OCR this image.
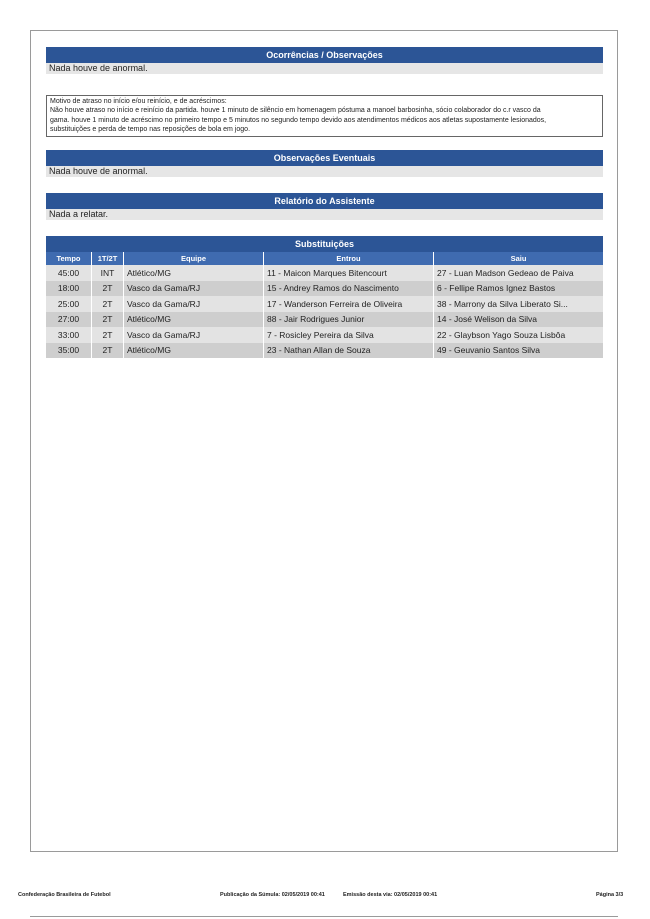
Ocorrências / Observações
Nada houve de anormal.
Motivo de atraso no início e/ou reinício, e de acréscimos:
Não houve atraso no início e reinício da partida. houve 1 minuto de silêncio em homenagem póstuma a manoel barbosinha, sócio colaborador do c.r vasco da
gama. houve 1 minuto de acréscimo no primeiro tempo e 5 minutos no segundo tempo devido aos atendimentos médicos aos atletas supostamente lesionados,
substituições e perda de tempo nas reposições de bola em jogo.
Observações Eventuais
Nada houve de anormal.
Relatório do Assistente
Nada a relatar.
Substituições
Tempo	1T/2T	Equipe	Entrou	Saiu
45:00	INT	Atlético/MG	11 - Maicon Marques Bitencourt	27 - Luan Madson Gedeao de Paiva
18:00	2T	Vasco da Gama/RJ	15 - Andrey Ramos do Nascimento	6 - Fellipe Ramos Ignez Bastos
25:00	2T	Vasco da Gama/RJ	17 - Wanderson Ferreira de Oliveira	38 - Marrony da Silva Liberato Si...
27:00	2T	Atlético/MG	88 - Jair Rodrigues Junior	14 - José Welison da Silva
33:00	2T	Vasco da Gama/RJ	7 - Rosicley Pereira da Silva	22 - Glaybson Yago Souza Lisbôa
35:00	2T	Atlético/MG	23 - Nathan Allan de Souza	49 - Geuvanio Santos Silva
Confederação Brasileira de Futebol	Publicação da Súmula: 02/05/2019 00:41	Emissão desta via: 02/05/2019 00:41	Página 3/3
